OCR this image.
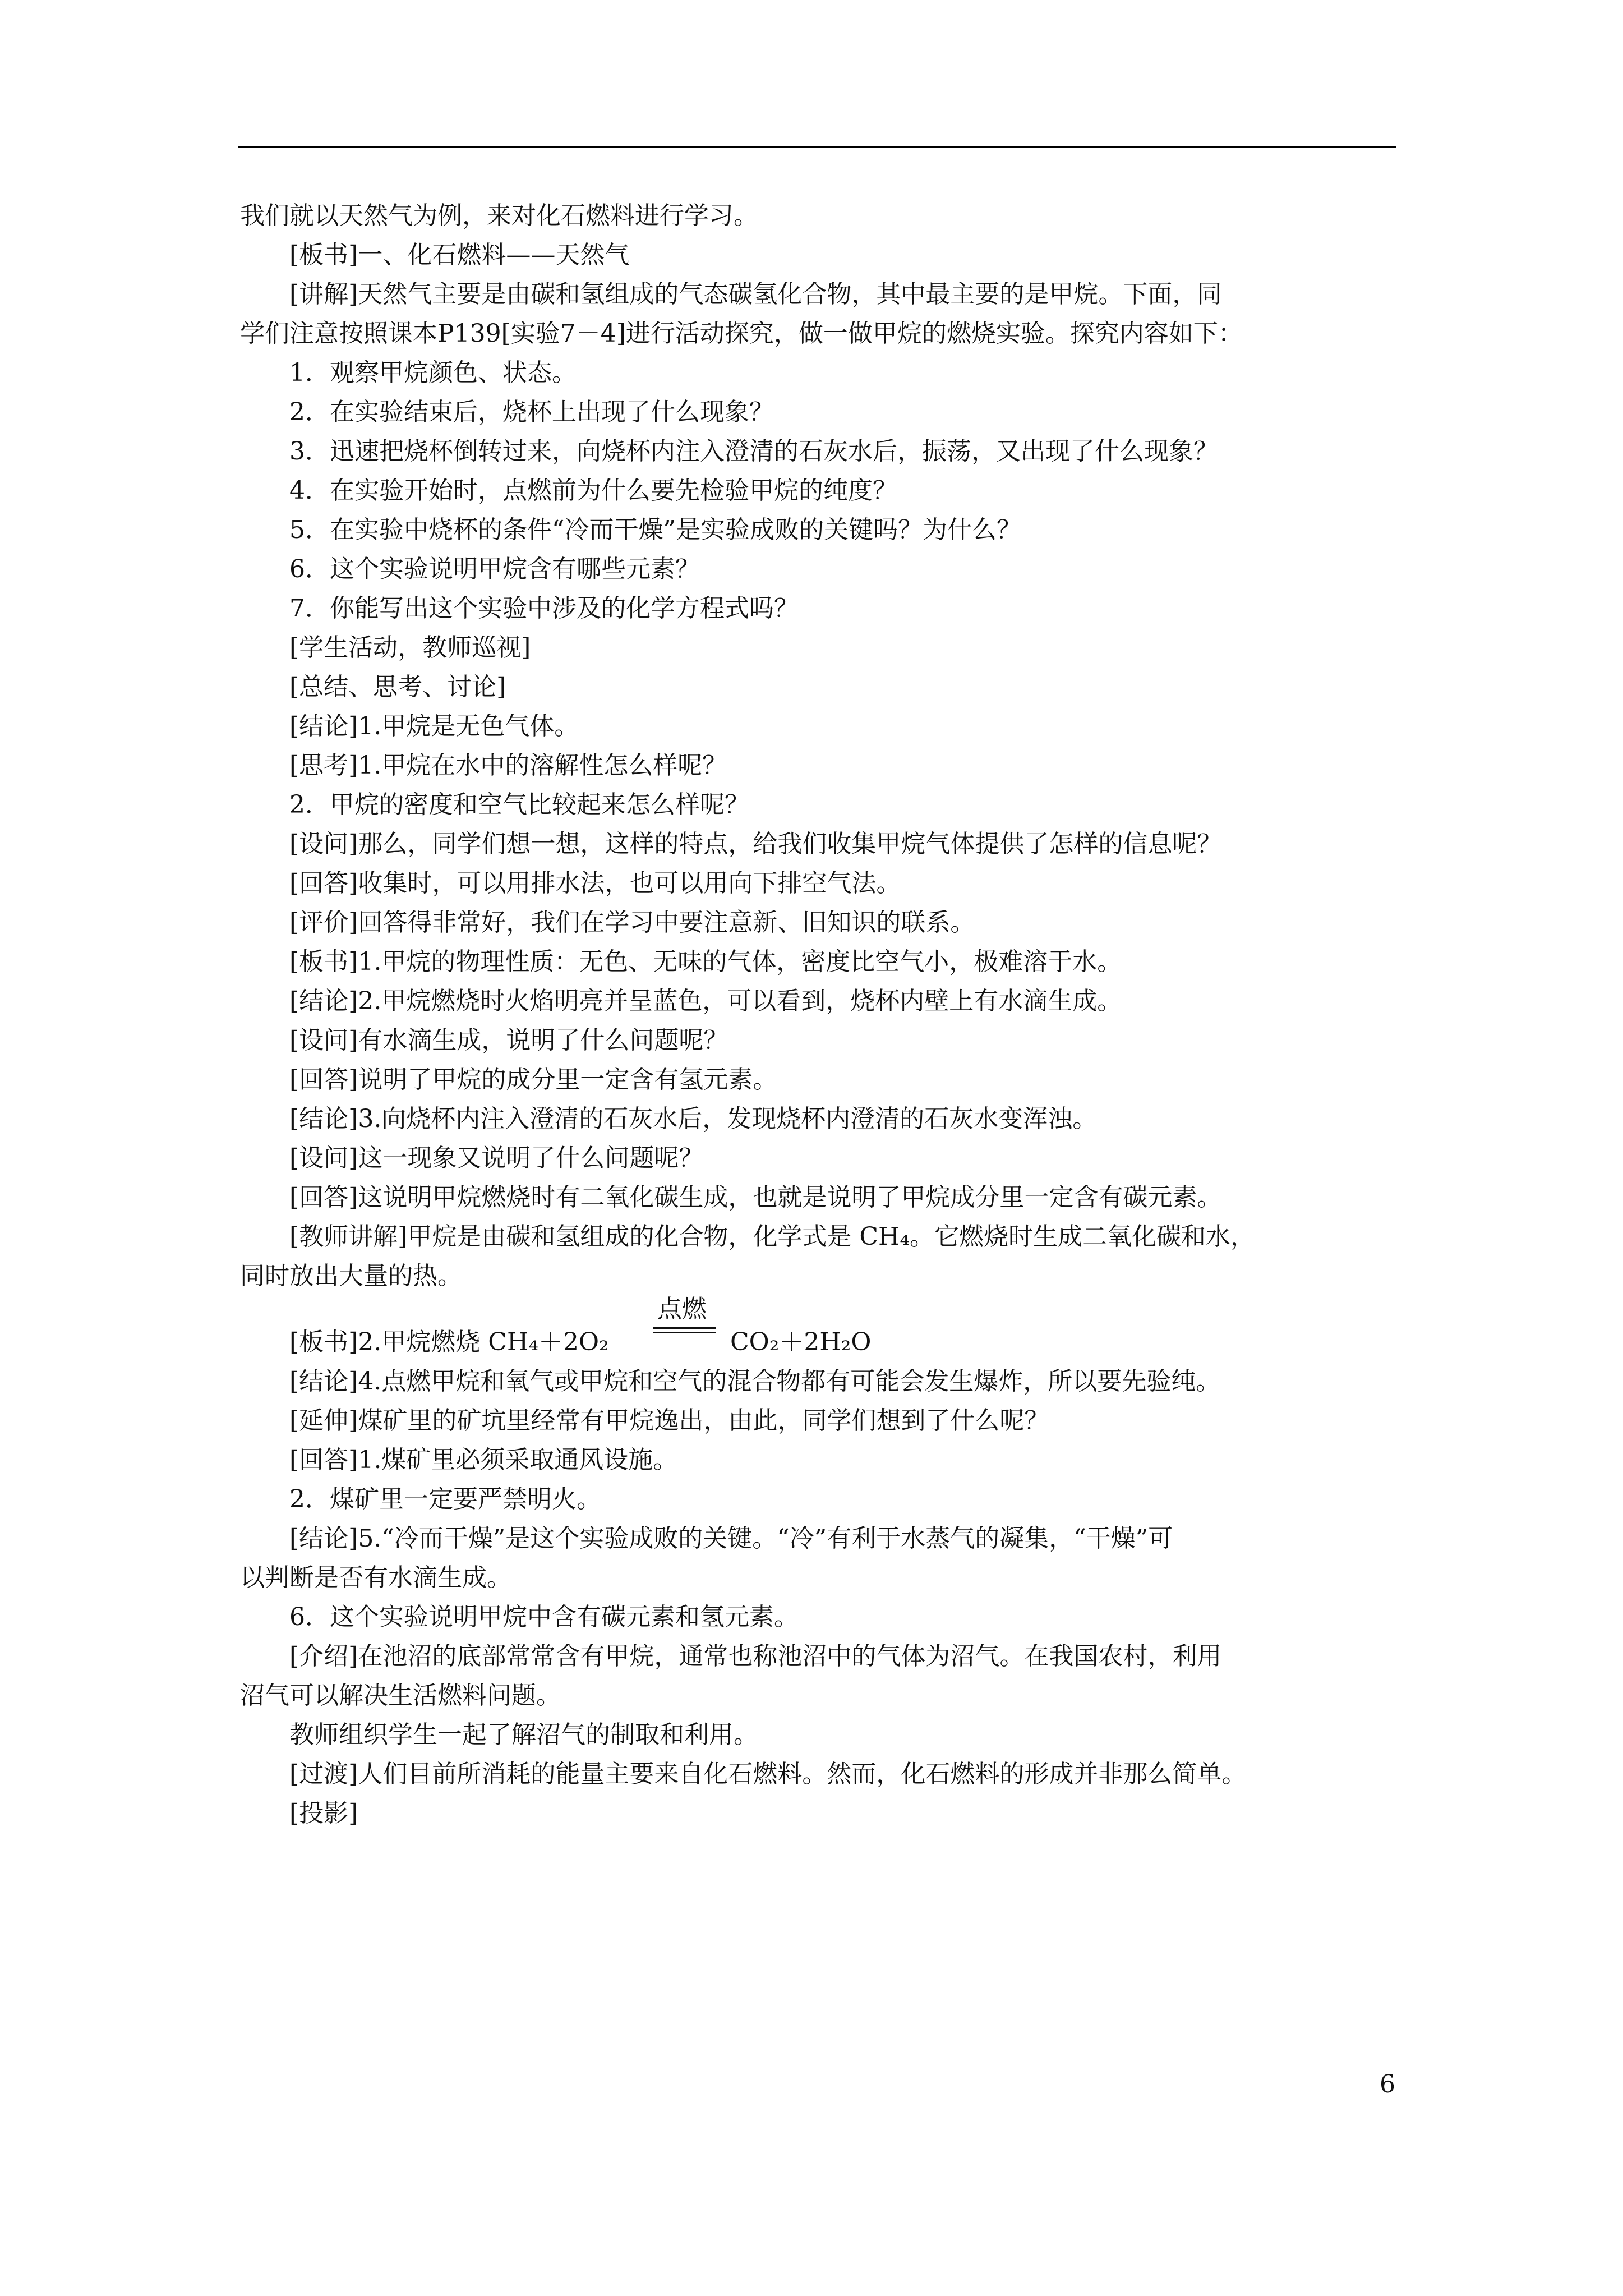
我们就以天然气为例，来对化石燃料进行学习。

[板书]一、化石燃料——天然气

[讲解]天然气主要是由碳和氢组成的气态碳氢化合物，其中最主要的是甲烷。下面，同

学们注意按照课本P139[实验7－4]进行活动探究，做一做甲烷的燃烧实验。探究内容如下：

1．观察甲烷颜色、状态。

2．在实验结束后，烧杯上出现了什么现象？

3．迅速把烧杯倒转过来，向烧杯内注入澄清的石灰水后，振荡，又出现了什么现象？

4．在实验开始时，点燃前为什么要先检验甲烷的纯度？

5．在实验中烧杯的条件“冷而干燥”是实验成败的关键吗？为什么？

6．这个实验说明甲烷含有哪些元素？

7．你能写出这个实验中涉及的化学方程式吗？

[学生活动，教师巡视]

[总结、思考、讨论]

[结论]1.甲烷是无色气体。

[思考]1.甲烷在水中的溶解性怎么样呢？

2．甲烷的密度和空气比较起来怎么样呢？

[设问]那么，同学们想一想，这样的特点，给我们收集甲烷气体提供了怎样的信息呢？

[回答]收集时，可以用排水法，也可以用向下排空气法。

[评价]回答得非常好，我们在学习中要注意新、旧知识的联系。

[板书]1.甲烷的物理性质：无色、无味的气体，密度比空气小，极难溶于水。

[结论]2.甲烷燃烧时火焰明亮并呈蓝色，可以看到，烧杯内壁上有水滴生成。

[设问]有水滴生成，说明了什么问题呢？

[回答]说明了甲烷的成分里一定含有氢元素。

[结论]3.向烧杯内注入澄清的石灰水后，发现烧杯内澄清的石灰水变浑浊。

[设问]这一现象又说明了什么问题呢？

[回答]这说明甲烷燃烧时有二氧化碳生成，也就是说明了甲烷成分里一定含有碳元素。

[教师讲解]甲烷是由碳和氢组成的化合物，化学式是 CH₄。它燃烧时生成二氧化碳和水，

同时放出大量的热。

[板书]2.甲烷燃烧 CH₄＋2O₂
点燃
CO₂＋2H₂O

[结论]4.点燃甲烷和氧气或甲烷和空气的混合物都有可能会发生爆炸，所以要先验纯。

[延伸]煤矿里的矿坑里经常有甲烷逸出，由此，同学们想到了什么呢？

[回答]1.煤矿里必须采取通风设施。

2．煤矿里一定要严禁明火。

[结论]5.“冷而干燥”是这个实验成败的关键。“冷”有利于水蒸气的凝集，“干燥”可

以判断是否有水滴生成。

6．这个实验说明甲烷中含有碳元素和氢元素。

[介绍]在池沼的底部常常含有甲烷，通常也称池沼中的气体为沼气。在我国农村，利用

沼气可以解决生活燃料问题。

教师组织学生一起了解沼气的制取和利用。

[过渡]人们目前所消耗的能量主要来自化石燃料。然而，化石燃料的形成并非那么简单。

[投影]

6
